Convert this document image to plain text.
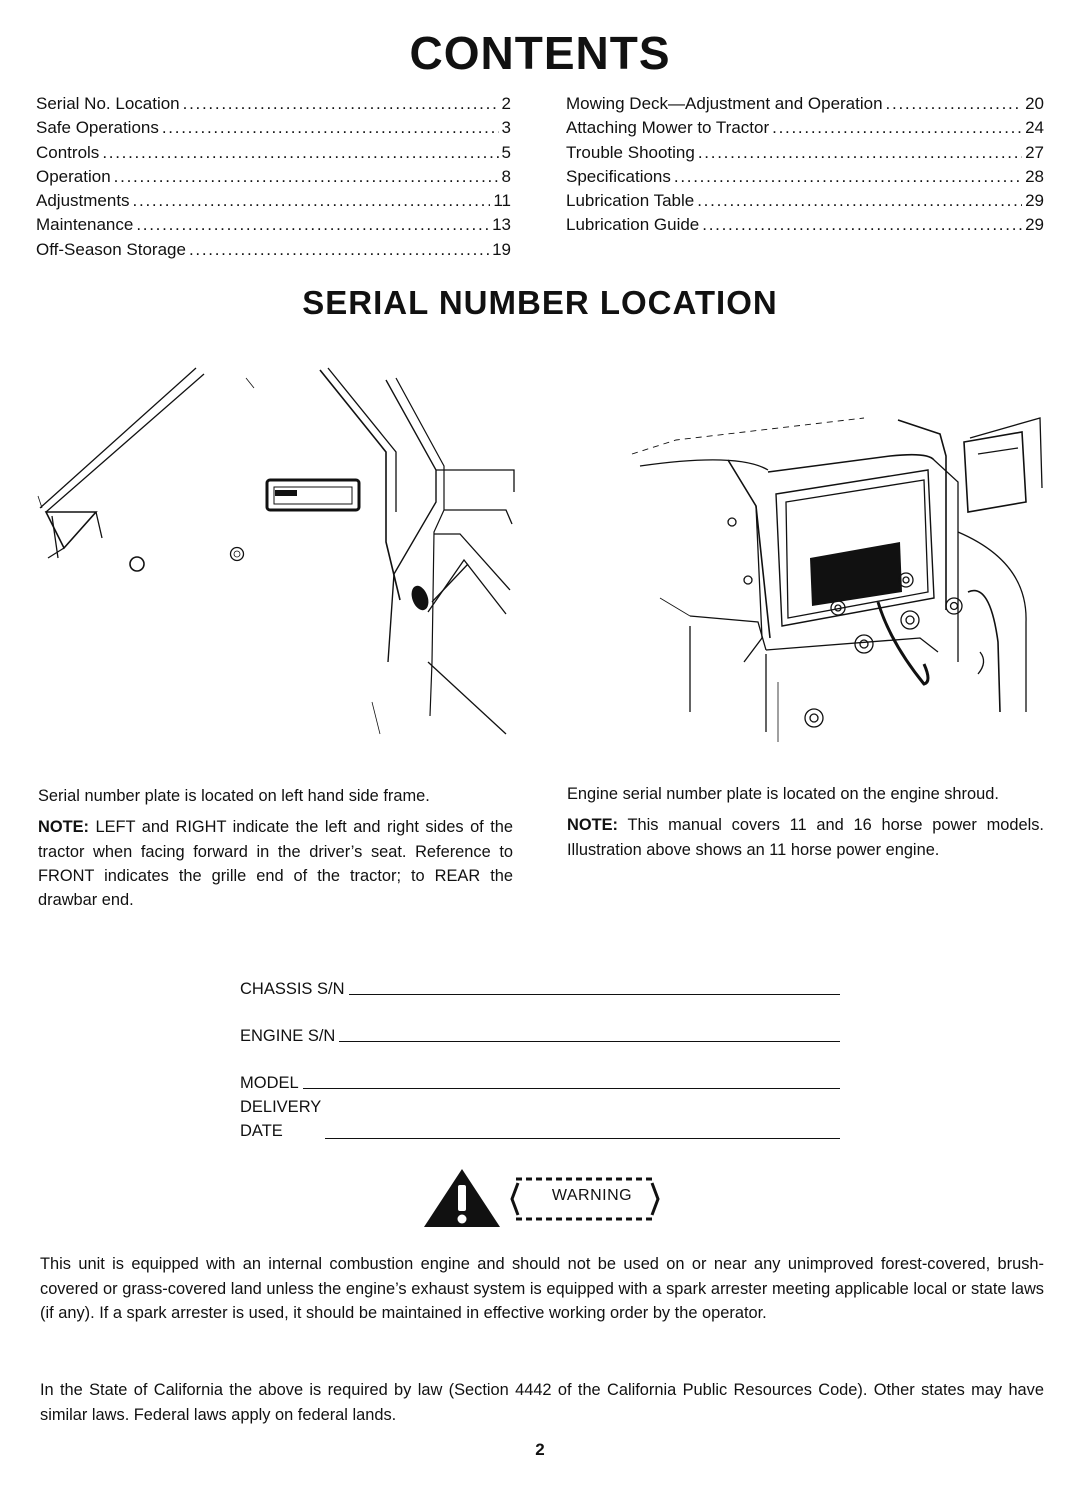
CONTENTS
Serial No. Location . . .	2
Safe Operations . . .	3
Controls . . .	5
Operation . . .	8
Adjustments . . .	11
Maintenance . . .	13
Off-Season Storage . . .	19
Mowing Deck—Adjustment and Operation . . .	20
Attaching Mower to Tractor . . .	24
Trouble Shooting . . .	27
Specifications . . .	28
Lubrication Table . . .	29
Lubrication Guide . . .	29
SERIAL NUMBER LOCATION

Serial number plate is located on left hand side frame.

NOTE: LEFT and RIGHT indicate the left and right sides of the tractor when facing forward in the driver’s seat. Reference to FRONT indicates the grille end of the tractor; to REAR the drawbar end.

Engine serial number plate is located on the engine shroud.

NOTE: This manual covers 11 and 16 horse power models. Illustration above shows an 11 horse power engine.

CHASSIS S/N
ENGINE S/N
MODEL
DELIVERY
DATE
WARNING

This unit is equipped with an internal combustion engine and should not be used on or near any unimproved forest-covered, brush-covered or grass-covered land unless the engine’s exhaust system is equipped with a spark arrester meeting applicable local or state laws (if any). If a spark arrester is used, it should be maintained in effective working order by the operator.

In the State of California the above is required by law (Section 4442 of the California Public Resources Code). Other states may have similar laws. Federal laws apply on federal lands.

2
